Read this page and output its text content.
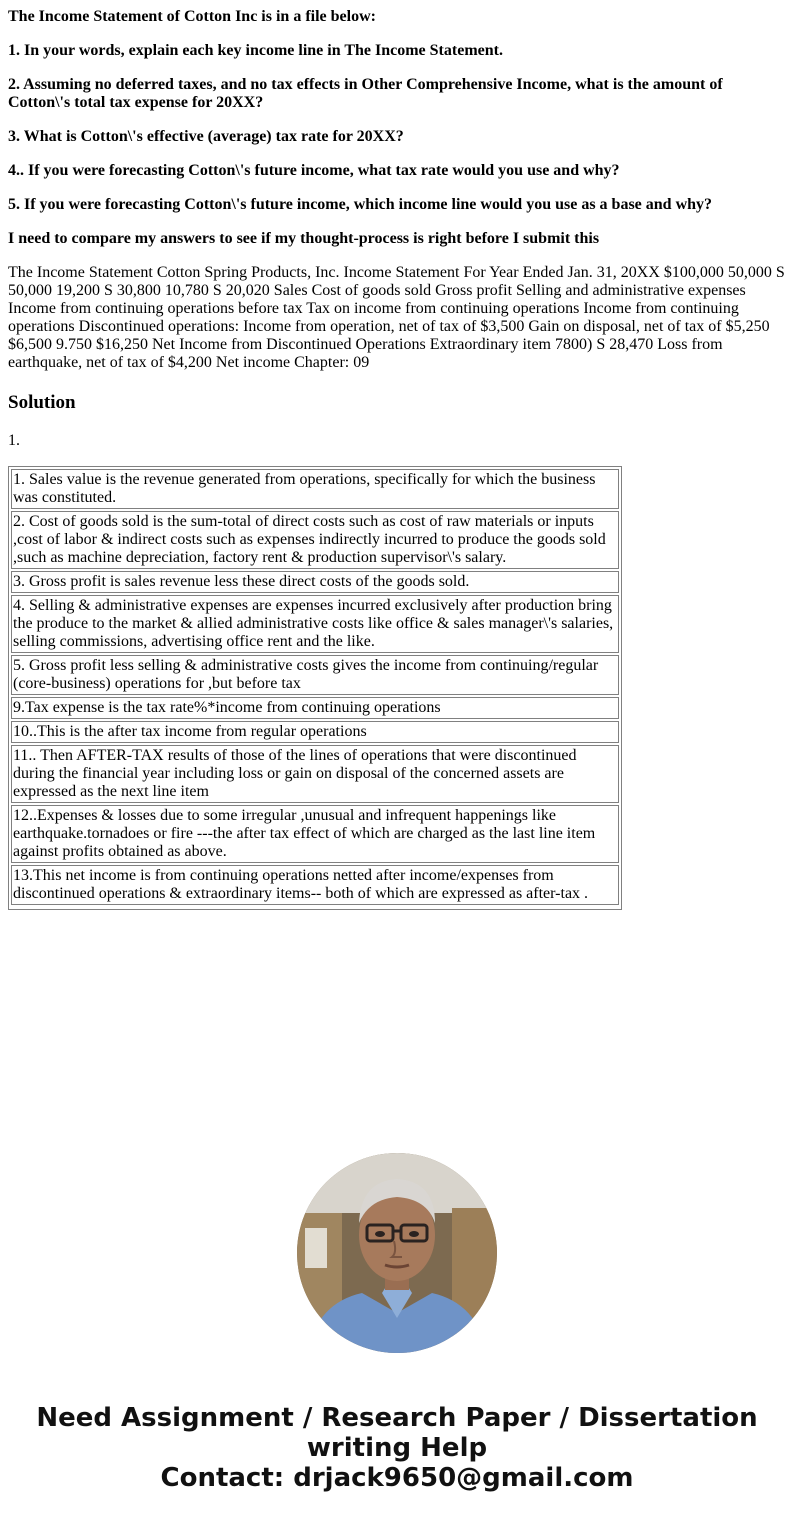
The Income Statement of Cotton Inc is in a file below:

1. In your words, explain each key income line in The Income Statement.

2. Assuming no deferred taxes, and no tax effects in Other Comprehensive Income, what is the amount of Cotton\'s total tax expense for 20XX?

3. What is Cotton\'s effective (average) tax rate for 20XX?

4.. If you were forecasting Cotton\'s future income, what tax rate would you use and why?

5. If you were forecasting Cotton\'s future income, which income line would you use as a base and why?

I need to compare my answers to see if my thought-process is right before I submit this

The Income Statement Cotton Spring Products, Inc. Income Statement For Year Ended Jan. 31, 20XX $100,000 50,000 S 50,000 19,200 S 30,800 10,780 S 20,020 Sales Cost of goods sold Gross profit Selling and administrative expenses Income from continuing operations before tax Tax on income from continuing operations Income from continuing operations Discontinued operations: Income from operation, net of tax of $3,500 Gain on disposal, net of tax of $5,250 $6,500 9.750 $16,250 Net Income from Discontinued Operations Extraordinary item 7800) S 28,470 Loss from earthquake, net of tax of $4,200 Net income Chapter: 09

Solution

1.

1. Sales value is the revenue generated from operations, specifically for which the business was constituted.
2. Cost of goods sold is the sum-total of direct costs such as cost of raw materials or inputs ,cost of labor & indirect costs such as expenses indirectly incurred to produce the goods sold ,such as machine depreciation, factory rent & production supervisor\'s salary.
3. Gross profit is sales revenue less these direct costs of the goods sold.
4. Selling & administrative expenses are expenses incurred exclusively after production bring the produce to the market & allied administrative costs like office & sales manager\'s salaries, selling commissions, advertising office rent and the like.
5. Gross profit less selling & administrative costs gives the income from continuing/regular (core-business) operations for ,but before tax
9.Tax expense is the tax rate%*income from continuing operations
10..This is the after tax income from regular operations
11.. Then AFTER-TAX results of those of the lines of operations that were discontinued during the financial year including loss or gain on disposal of the concerned assets are expressed as the next line item
12..Expenses & losses due to some irregular ,unusual and infrequent happenings like earthquake.tornadoes or fire ---the after tax effect of which are charged as the last line item against profits obtained as above.
13.This net income is from continuing operations netted after income/expenses from discontinued operations & extraordinary items-- both of which are expressed as after-tax .

Need Assignment / Research Paper / Dissertation
writing Help
Contact: drjack9650@gmail.com
